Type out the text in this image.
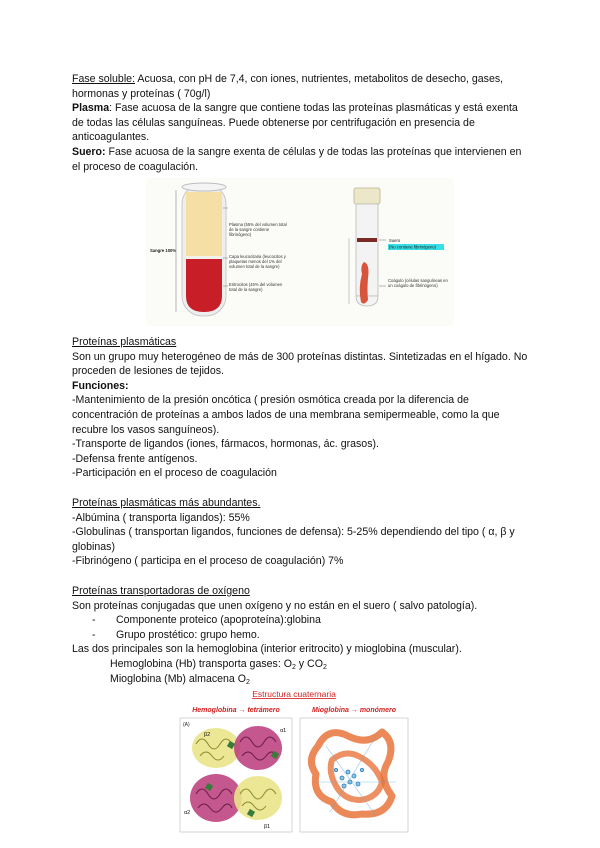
Fase soluble: Acuosa, con pH de 7,4, con iones, nutrientes, metabolitos de desecho, gases, hormonas y proteínas ( 70g/l)

Plasma: Fase acuosa de la sangre que contiene todas las proteínas plasmáticas y está exenta de todas las células sanguíneas. Puede obtenerse por centrifugación en presencia de anticoagulantes.

Suero: Fase acuosa de la sangre exenta de células y de todas las proteínas que intervienen en el proceso de coagulación.

Sangre 100%
Plasma (55% del volumen total de la sangre contiene fibrinógeno)
Capa leucocitaria (leucocitos y plaquetas menos del 1% del volumen total de la sangre)
Eritrocitos (45% del volumen total de la sangre)
Suero
(No contiene fibrinógeno)
Coágulo (células sanguíneas en un coágulo de fibrinógeno)

Proteínas plasmáticas

Son un grupo muy heterogéneo de más de 300 proteínas distintas. Sintetizadas en el hígado. No proceden de lesiones de tejidos.

Funciones:

-Mantenimiento de la presión oncótica ( presión osmótica creada por la diferencia de concentración de proteínas a ambos lados de una membrana semipermeable, como la que recubre los vasos sanguíneos).

-Transporte de ligandos (iones, fármacos, hormonas, ác. grasos).

-Defensa frente antígenos.

-Participación en el proceso de coagulación

Proteínas plasmáticas más abundantes.

-Albúmina ( transporta ligandos): 55%

-Globulinas ( transportan ligandos, funciones de defensa): 5-25% dependiendo del tipo ( α, β y globinas)

-Fibrinógeno ( participa en el proceso de coagulación) 7%

Proteínas transportadoras de oxígeno

Son proteínas conjugadas que unen oxígeno y no están en el suero ( salvo patología).

- Componente proteico (apoproteína):globina
- Grupo prostético: grupo hemo.

Las dos principales son la hemoglobina (interior eritrocito) y mioglobina (muscular).

Hemoglobina (Hb) transporta gases: $O_2$ y $CO_2$

Mioglobina (Mb) almacena $O_2$

Estructura cuaternaria
Hemoglobina → tetrámero	Mioglobina → monómero
(A)
β2
α1
α2
β1
